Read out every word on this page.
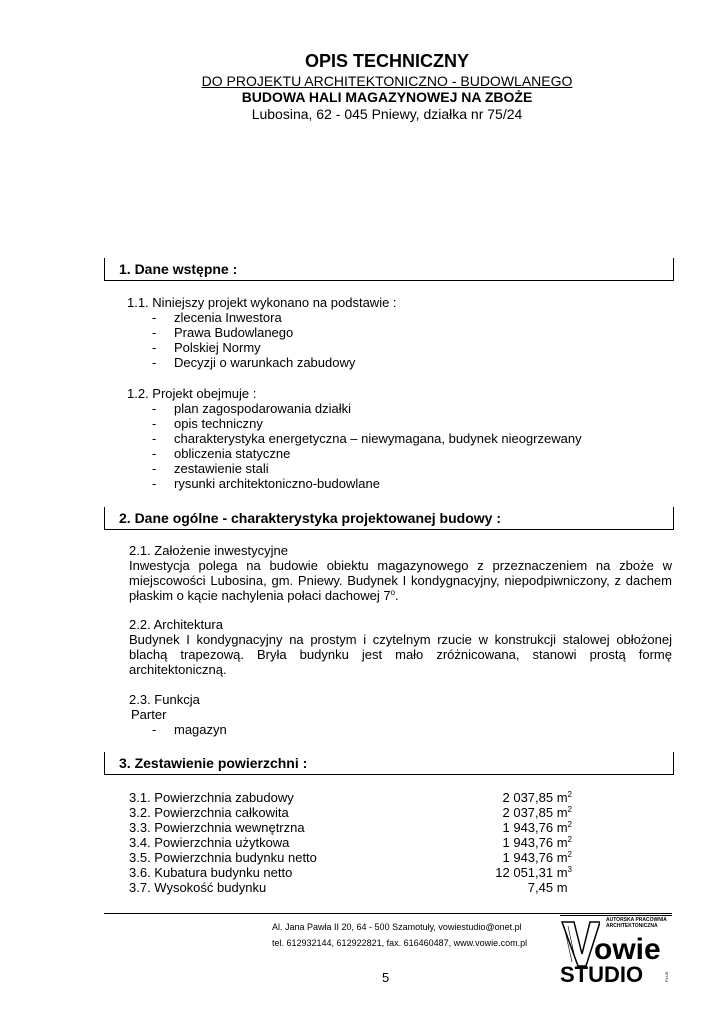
OPIS TECHNICZNY
DO PROJEKTU ARCHITEKTONICZNO - BUDOWLANEGO
BUDOWA HALI MAGAZYNOWEJ NA ZBOŻE
Lubosina, 62 - 045 Pniewy, działka nr 75/24
1. Dane wstępne :
1.1. Niniejszy projekt wykonano na podstawie :
- zlecenia Inwestora
- Prawa Budowlanego
- Polskiej Normy
- Decyzji o warunkach zabudowy
1.2. Projekt obejmuje :
- plan zagospodarowania działki
- opis techniczny
- charakterystyka energetyczna – niewymagana, budynek nieogrzewany
- obliczenia statyczne
- zestawienie stali
- rysunki architektoniczno-budowlane
2. Dane ogólne - charakterystyka projektowanej budowy :
2.1. Założenie inwestycyjne
Inwestycja polega na budowie obiektu magazynowego z przeznaczeniem na zboże w miejscowości Lubosina, gm. Pniewy. Budynek I kondygnacyjny, niepodpiwniczony, z dachem płaskim o kącie nachylenia połaci dachowej 7$^o$.
2.2. Architektura
Budynek I kondygnacyjny na prostym i czytelnym rzucie w konstrukcji stalowej obłożonej blachą trapezową. Bryła budynku jest mało zróżnicowana, stanowi prostą formę architektoniczną.
2.3. Funkcja
Parter
- magazyn
3. Zestawienie powierzchni :
3.1. Powierzchnia zabudowy	2 037,85 $m^2$
3.2. Powierzchnia całkowita	2 037,85 $m^2$
3.3. Powierzchnia wewnętrzna	1 943,76 $m^2$
3.4. Powierzchnia użytkowa	1 943,76 $m^2$
3.5. Powierzchnia budynku netto	1 943,76 $m^2$
3.6. Kubatura budynku netto	12 051,31 $m^3$
3.7. Wysokość budynku	7,45 m
Al. Jana Pawła II 20, 64 - 500 Szamotuły, vowiestudio@onet.pl
tel. 612932144, 612922821, fax. 616460487, www.vowie.com.pl
5
AUTORSKA PRACOWNIA
ARCHITEKTONICZNA
owie
STUDIO	PLUS
